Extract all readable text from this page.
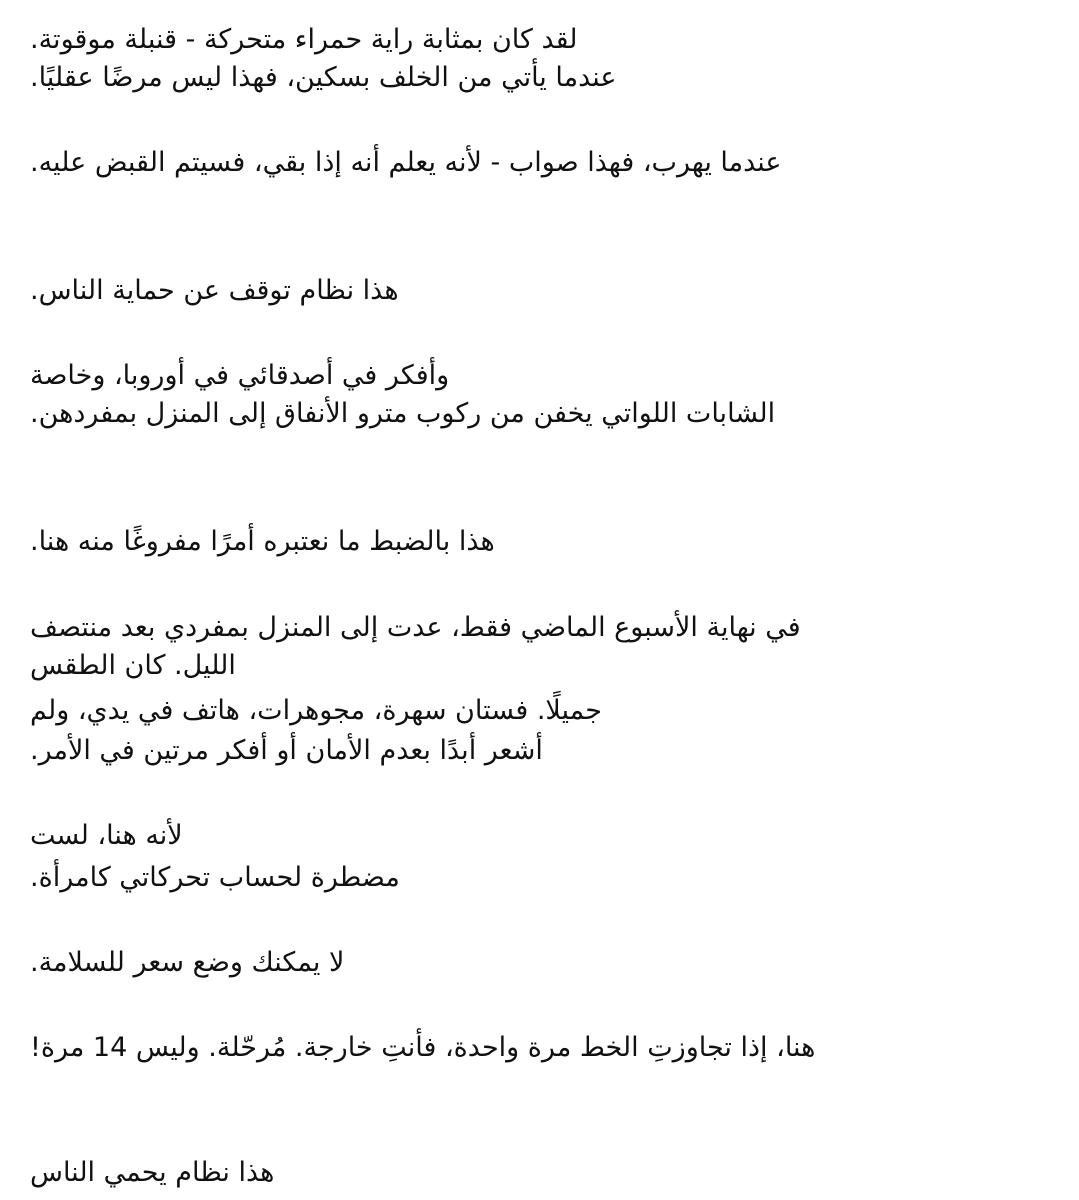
لقد كان بمثابة راية حمراء متحركة - قنبلة موقوتة.
عندما يأتي من الخلف بسكين، فهذا ليس مرضًا عقليًا.
عندما يهرب، فهذا صواب - لأنه يعلم أنه إذا بقي، فسيتم القبض عليه.
هذا نظام توقف عن حماية الناس.
وأفكر في أصدقائي في أوروبا، وخاصة
الشابات اللواتي يخفن من ركوب مترو الأنفاق إلى المنزل بمفردهن.
هذا بالضبط ما نعتبره أمرًا مفروغًا منه هنا.
في نهاية الأسبوع الماضي فقط، عدت إلى المنزل بمفردي بعد منتصف
الليل. كان الطقس
جميلًا. فستان سهرة، مجوهرات، هاتف في يدي، ولم
أشعر أبدًا بعدم الأمان أو أفكر مرتين في الأمر.
لأنه هنا، لست
مضطرة لحساب تحركاتي كامرأة.
لا يمكنك وضع سعر للسلامة.
هنا، إذا تجاوزتِ الخط مرة واحدة، فأنتِ خارجة. مُرحّلة. وليس 14 مرة!
هذا نظام يحمي الناس
